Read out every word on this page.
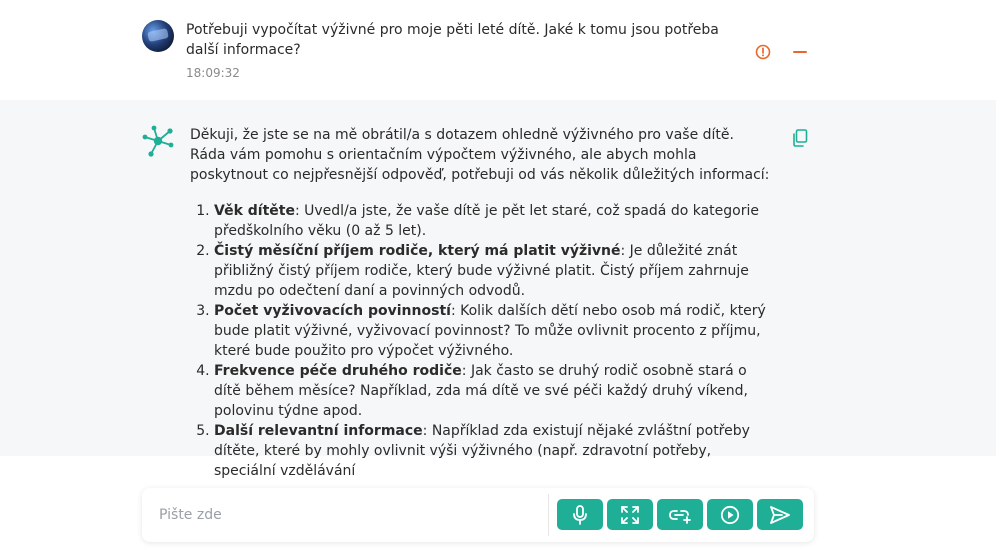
Potřebuji vypočítat výživné pro moje pěti leté dítě. Jaké k tomu jsou potřeba další informace?
18:09:32

Děkuji, že jste se na mě obrátil/a s dotazem ohledně výživného pro vaše dítě. Ráda vám pomohu s orientačním výpočtem výživného, ale abych mohla poskytnout co nejpřesnější odpověď, potřebuji od vás několik důležitých informací:

1. Věk dítěte: Uvedl/a jste, že vaše dítě je pět let staré, což spadá do kategorie předškolního věku (0 až 5 let).
2. Čistý měsíční příjem rodiče, který má platit výživné: Je důležité znát přibližný čistý příjem rodiče, který bude výživné platit. Čistý příjem zahrnuje mzdu po odečtení daní a povinných odvodů.
3. Počet vyživovacích povinností: Kolik dalších dětí nebo osob má rodič, který bude platit výživné, vyživovací povinnost? To může ovlivnit procento z příjmu, které bude použito pro výpočet výživného.
4. Frekvence péče druhého rodiče: Jak často se druhý rodič osobně stará o dítě během měsíce? Například, zda má dítě ve své péči každý druhý víkend, polovinu týdne apod.
5. Další relevantní informace: Například zda existují nějaké zvláštní potřeby dítěte, které by mohly ovlivnit výši výživného (např. zdravotní potřeby, speciální vzdělávání
Pište zde
